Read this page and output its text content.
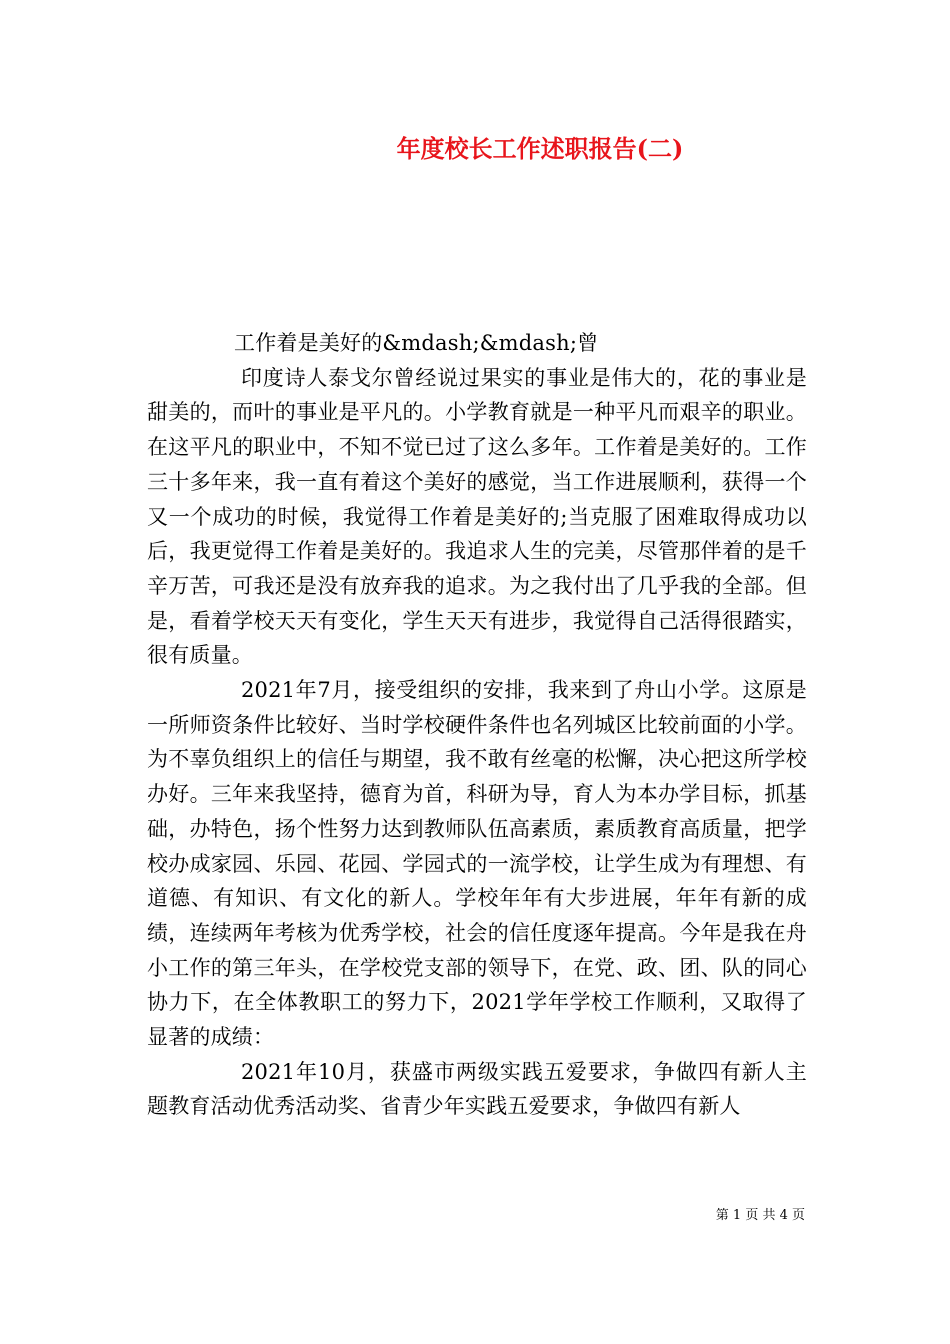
年度校长工作述职报告(二)

工作着是美好的&mdash;&mdash;曾

印度诗人泰戈尔曾经说过果实的事业是伟大的，花的事业是甜美的，而叶的事业是平凡的。小学教育就是一种平凡而艰辛的职业。在这平凡的职业中，不知不觉已过了这么多年。工作着是美好的。工作三十多年来，我一直有着这个美好的感觉，当工作进展顺利，获得一个又一个成功的时候，我觉得工作着是美好的;当克服了困难取得成功以后，我更觉得工作着是美好的。我追求人生的完美，尽管那伴着的是千辛万苦，可我还是没有放弃我的追求。为之我付出了几乎我的全部。但是，看着学校天天有变化，学生天天有进步，我觉得自己活得很踏实，很有质量。

2021年7月，接受组织的安排，我来到了舟山小学。这原是一所师资条件比较好、当时学校硬件条件也名列城区比较前面的小学。为不辜负组织上的信任与期望，我不敢有丝毫的松懈，决心把这所学校办好。三年来我坚持，德育为首，科研为导，育人为本办学目标，抓基础，办特色，扬个性努力达到教师队伍高素质，素质教育高质量，把学校办成家园、乐园、花园、学园式的一流学校，让学生成为有理想、有道德、有知识、有文化的新人。学校年年有大步进展，年年有新的成绩，连续两年考核为优秀学校，社会的信任度逐年提高。今年是我在舟小工作的第三年头，在学校党支部的领导下，在党、政、团、队的同心协力下，在全体教职工的努力下，2021学年学校工作顺利，又取得了显著的成绩：

2021年10月，获盛市两级实践五爱要求，争做四有新人主题教育活动优秀活动奖、省青少年实践五爱要求，争做四有新人

第 1 页 共 4 页
